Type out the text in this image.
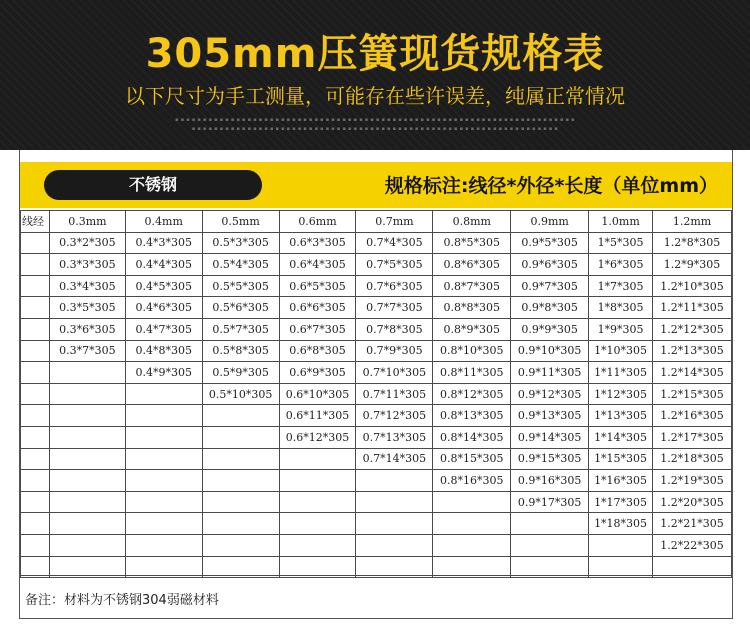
305mm压簧现货规格表
以下尺寸为手工测量，可能存在些许误差，纯属正常情况
▪ ▪ ▪ ▪ ▪ ▪ ▪ ▪ ▪ ▪ ▪ ▪ ▪ ▪ ▪ ▪ ▪ ▪ ▪ ▪ ▪ ▪ ▪ ▪ ▪ ▪ ▪ ▪ ▪ ▪ ▪ ▪ ▪ ▪ ▪ ▪ ▪ ▪ ▪ ▪ ▪ ▪ ▪ ▪ ▪ ▪ ▪ ▪ ▪ ▪ ▪ ▪ ▪ ▪ ▪ ▪ ▪ ▪ ▪ ▪ ▪ ▪ ▪ ▪ ▪ ▪ ▪ ▪ ▪ ▪ ▪ ▪
▪ ▪ ▪ ▪ ▪ ▪ ▪ ▪ ▪ ▪ ▪ ▪ ▪ ▪ ▪ ▪ ▪ ▪ ▪ ▪ ▪ ▪ ▪ ▪ ▪ ▪ ▪ ▪ ▪ ▪ ▪ ▪ ▪ ▪ ▪ ▪ ▪ ▪ ▪ ▪ ▪ ▪ ▪ ▪ ▪ ▪ ▪ ▪ ▪ ▪ ▪ ▪ ▪ ▪ ▪ ▪ ▪ ▪ ▪ ▪ ▪ ▪ ▪ ▪ ▪ ▪
不锈钢	规格标注:线径*外径*长度（单位mm）
线经	0.3mm	0.4mm	0.5mm	0.6mm	0.7mm	0.8mm	0.9mm	1.0mm	1.2mm
	0.3*2*305	0.4*3*305	0.5*3*305	0.6*3*305	0.7*4*305	0.8*5*305	0.9*5*305	1*5*305	1.2*8*305
	0.3*3*305	0.4*4*305	0.5*4*305	0.6*4*305	0.7*5*305	0.8*6*305	0.9*6*305	1*6*305	1.2*9*305
	0.3*4*305	0.4*5*305	0.5*5*305	0.6*5*305	0.7*6*305	0.8*7*305	0.9*7*305	1*7*305	1.2*10*305
	0.3*5*305	0.4*6*305	0.5*6*305	0.6*6*305	0.7*7*305	0.8*8*305	0.9*8*305	1*8*305	1.2*11*305
	0.3*6*305	0.4*7*305	0.5*7*305	0.6*7*305	0.7*8*305	0.8*9*305	0.9*9*305	1*9*305	1.2*12*305
	0.3*7*305	0.4*8*305	0.5*8*305	0.6*8*305	0.7*9*305	0.8*10*305	0.9*10*305	1*10*305	1.2*13*305
		0.4*9*305	0.5*9*305	0.6*9*305	0.7*10*305	0.8*11*305	0.9*11*305	1*11*305	1.2*14*305
			0.5*10*305	0.6*10*305	0.7*11*305	0.8*12*305	0.9*12*305	1*12*305	1.2*15*305
				0.6*11*305	0.7*12*305	0.8*13*305	0.9*13*305	1*13*305	1.2*16*305
				0.6*12*305	0.7*13*305	0.8*14*305	0.9*14*305	1*14*305	1.2*17*305
					0.7*14*305	0.8*15*305	0.9*15*305	1*15*305	1.2*18*305
						0.8*16*305	0.9*16*305	1*16*305	1.2*19*305
							0.9*17*305	1*17*305	1.2*20*305
								1*18*305	1.2*21*305
									1.2*22*305

备注：材料为不锈钢304弱磁材料
